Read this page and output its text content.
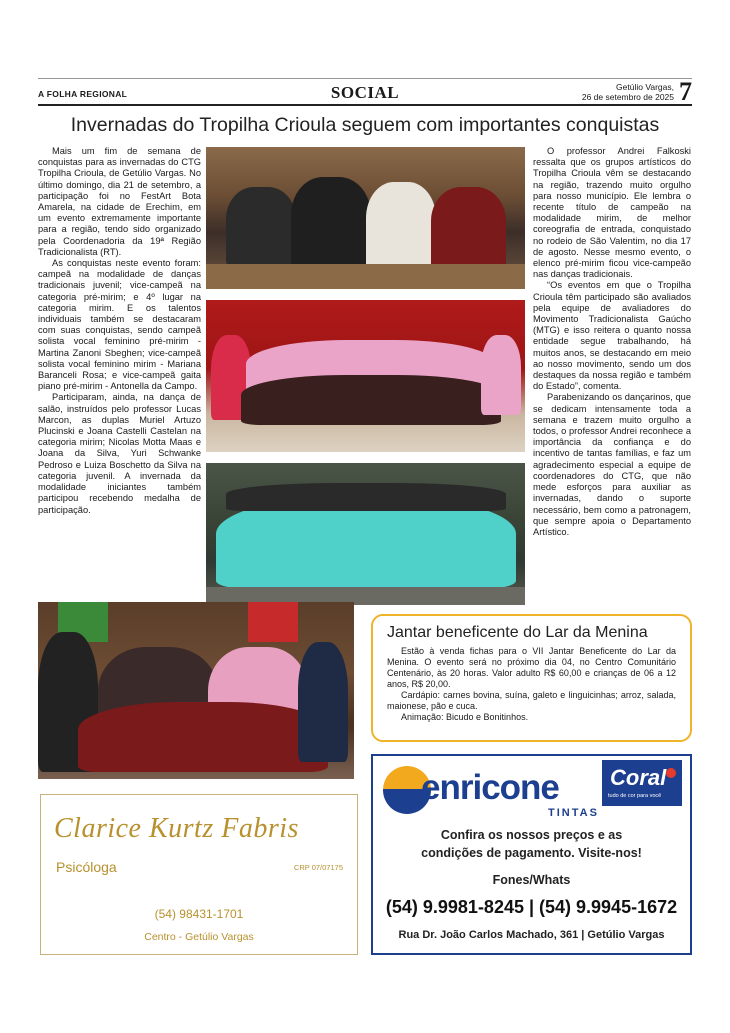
A FOLHA REGIONAL	SOCIAL	Getúlio Vargas,
26 de setembro de 2025 7
Invernadas do Tropilha Crioula seguem com importantes conquistas

Mais um fim de semana de conquistas para as invernadas do CTG Tropilha Crioula, de Getúlio Vargas. No último domingo, dia 21 de setembro, a participação foi no FestArt Bota Amarela, na cidade de Erechim, em um evento extremamente importante para a região, tendo sido organizado pela Coordenadoria da 19ª Região Tradicionalista (RT).

As conquistas neste evento foram: campeã na modalidade de danças tradicionais juvenil; vice-campeã na categoria pré-mirim; e 4º lugar na categoria mirim. E os talentos individuais também se destacaram com suas conquistas, sendo campeã solista vocal feminino pré-mirim - Martina Zanoni Sbeghen; vice-campeã solista vocal feminino mirim - Mariana Baranceli Rosa; e vice-campeã gaita piano pré-mirim - Antonella da Campo.

Participaram, ainda, na dança de salão, instruídos pelo professor Lucas Marcon, as duplas Muriel Artuzo Plucinski e Joana Castelli Castelan na categoria mirim; Nicolas Motta Maas e Joana da Silva, Yuri Schwanke Pedroso e Luiza Boschetto da Silva na categoria juvenil. A invernada da modalidade iniciantes também participou recebendo medalha de participação.

O professor Andrei Falkoski ressalta que os grupos artísticos do Tropilha Crioula vêm se destacando na região, trazendo muito orgulho para nosso município. Ele lembra o recente título de campeão na modalidade mirim, de melhor coreografia de entrada, conquistado no rodeio de São Valentim, no dia 17 de agosto. Nesse mesmo evento, o elenco pré-mirim ficou vice-campeão nas danças tradicionais.

“Os eventos em que o Tropilha Crioula têm participado são avaliados pela equipe de avaliadores do Movimento Tradicionalista Gaúcho (MTG) e isso reitera o quanto nossa entidade segue trabalhando, há muitos anos, se destacando em meio ao nosso movimento, sendo um dos destaques da nossa região e também do Estado”, comenta.

Parabenizando os dançarinos, que se dedicam intensamente toda a semana e trazem muito orgulho a todos, o professor Andrei reconhece a importância da confiança e do incentivo de tantas famílias, e faz um agradecimento especial a equipe de coordenadores do CTG, que não mede esforços para auxiliar as invernadas, dando o suporte necessário, bem como a patronagem, que sempre apoia o Departamento Artístico.

Jantar beneficente do Lar da Menina

Estão à venda fichas para o VII Jantar Beneficente do Lar da Menina. O evento será no próximo dia 04, no Centro Comunitário Centenário, às 20 horas. Valor adulto R$ 60,00 e crianças de 06 a 12 anos, R$ 20,00.

Cardápio: carnes bovina, suína, galeto e linguicinhas; arroz, salada, maionese, pão e cuca.

Animação: Bicudo e Bonitinhos.

Clarice Kurtz Fabris
Psicóloga	CRP 07/07175
(54) 98431-1701
Centro - Getúlio Vargas
enricone
TINTAS
Coral
tudo de cor para você
Confira os nossos preços e as
condições de pagamento. Visite-nos!
Fones/Whats
(54) 9.9981-8245 | (54) 9.9945-1672
Rua Dr. João Carlos Machado, 361 | Getúlio Vargas
